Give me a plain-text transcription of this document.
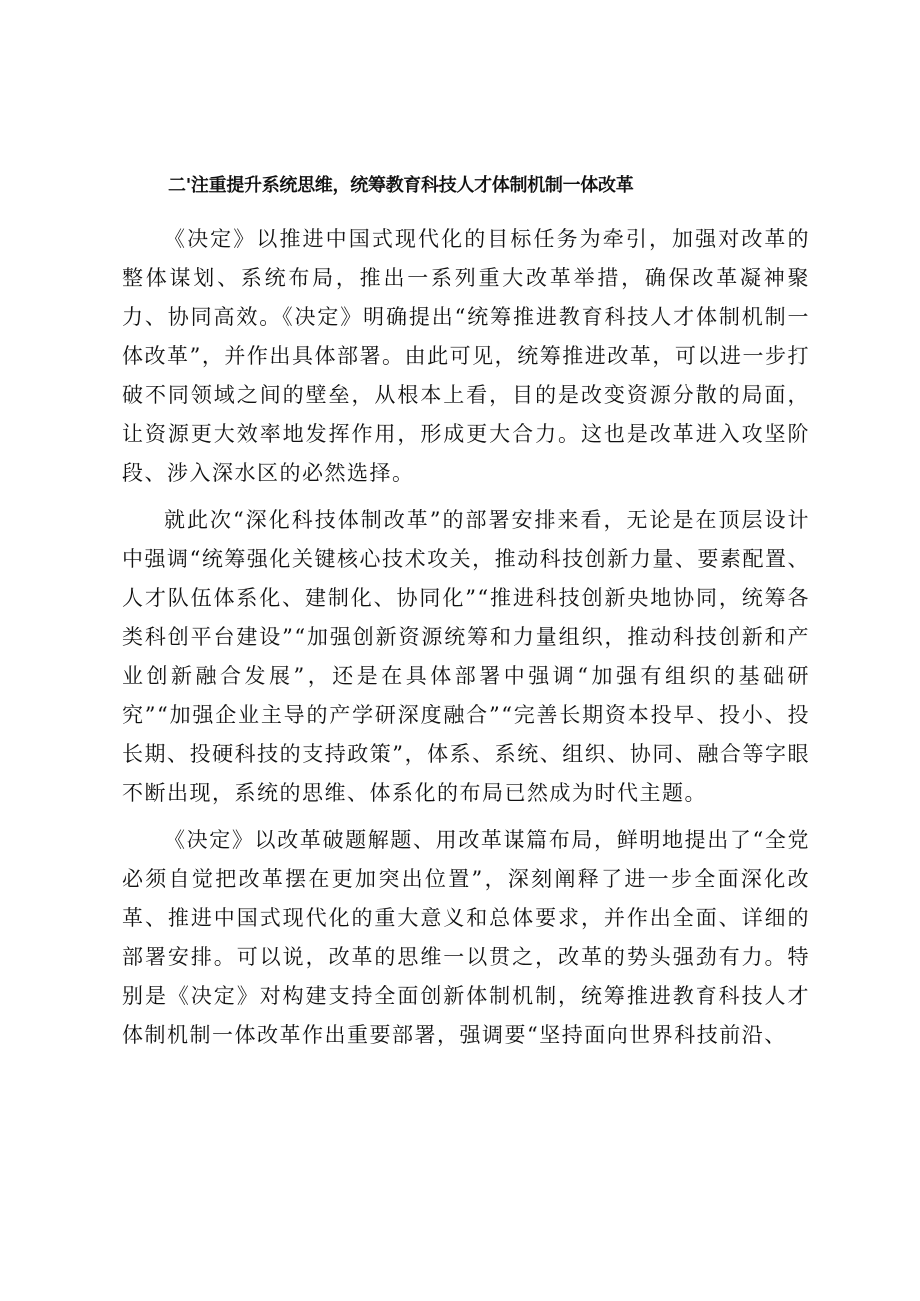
二'注重提升系统思维，统筹教育科技人才体制机制一体改革

《决定》以推进中国式现代化的目标任务为牵引，加强对改革的整体谋划、系统布局，推出一系列重大改革举措，确保改革凝神聚力、协同高效。《决定》明确提出“统筹推进教育科技人才体制机制一体改革”，并作出具体部署。由此可见，统筹推进改革，可以进一步打破不同领域之间的壁垒，从根本上看，目的是改变资源分散的局面，让资源更大效率地发挥作用，形成更大合力。这也是改革进入攻坚阶段、涉入深水区的必然选择。

就此次“深化科技体制改革”的部署安排来看，无论是在顶层设计中强调“统筹强化关键核心技术攻关，推动科技创新力量、要素配置、人才队伍体系化、建制化、协同化”“推进科技创新央地协同，统筹各类科创平台建设”“加强创新资源统筹和力量组织，推动科技创新和产业创新融合发展”，还是在具体部署中强调“加强有组织的基础研究”“加强企业主导的产学研深度融合”“完善长期资本投早、投小、投长期、投硬科技的支持政策”，体系、系统、组织、协同、融合等字眼不断出现，系统的思维、体系化的布局已然成为时代主题。

《决定》以改革破题解题、用改革谋篇布局，鲜明地提出了“全党必须自觉把改革摆在更加突出位置”，深刻阐释了进一步全面深化改革、推进中国式现代化的重大意义和总体要求，并作出全面、详细的部署安排。可以说，改革的思维一以贯之，改革的势头强劲有力。特别是《决定》对构建支持全面创新体制机制，统筹推进教育科技人才体制机制一体改革作出重要部署，强调要“坚持面向世界科技前沿、
